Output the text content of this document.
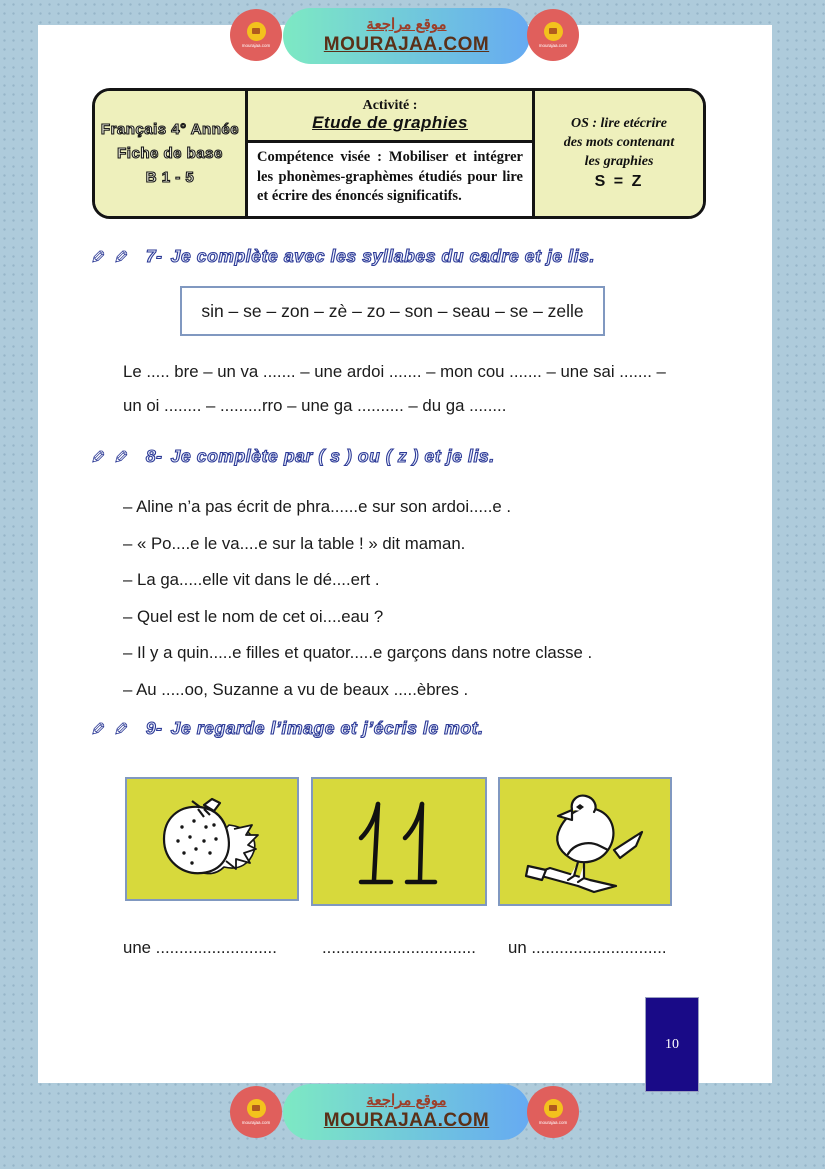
mourajaa.com
موقع مراجعة
MOURAJAA.COM	mourajaa.com
Français 4° Année
Fiche de base
B 1 - 5
Activité :
Etude de graphies
Compétence visée : Mobiliser et intégrer les phonèmes-graphèmes étudiés pour lire et écrire des énoncés significatifs.
OS : lire etécrire
des mots contenant
les graphies
S = Z
✎ ✎ 7- Je complète avec les syllabes du cadre et je lis.
sin – se – zon – zè – zo – son – seau – se – zelle
Le ..... bre – un va ....... – une ardoi ....... – mon cou ....... – une sai ....... –
un oi ........ – .........rro – une ga .......... – du ga ........
✎ ✎ 8- Je complète par ( s ) ou ( z ) et je lis.
– Aline n’a pas écrit de phra......e sur son ardoi.....e .
– « Po....e le va....e sur la table ! » dit maman.
– La ga.....elle vit dans le dé....ert .
– Quel est le nom de cet oi....eau ?
– Il y a quin.....e filles et quator.....e garçons dans notre classe .
– Au .....oo, Suzanne a vu de beaux .....èbres .
✎ ✎ 9- Je regarde l’image et j’écris le mot.
une ..........................	................................. un .............................
10
mourajaa.com
موقع مراجعة
MOURAJAA.COM	mourajaa.com
